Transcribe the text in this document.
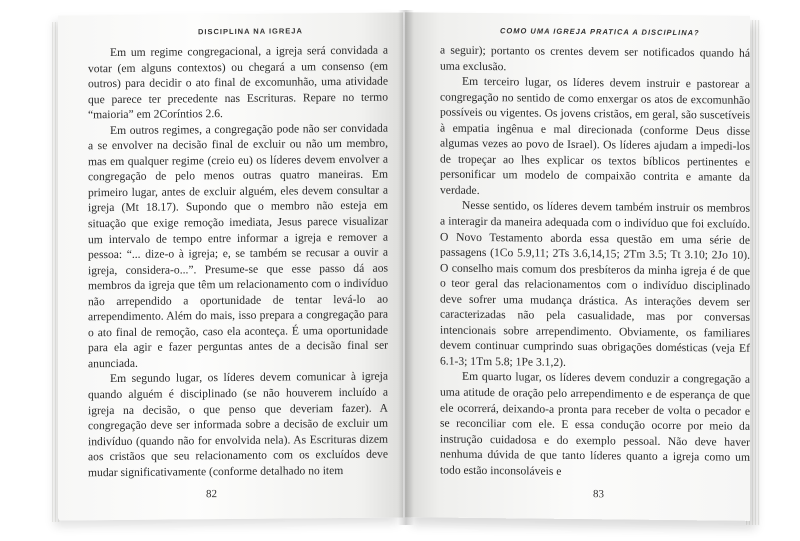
DISCIPLINA NA IGREJA

Em um regime congregacional, a igreja será convidada a votar (em alguns contextos) ou chegará a um consenso (em outros) para decidir o ato final de excomunhão, uma atividade que parece ter precedente nas Escrituras. Repare no termo “maioria” em 2Coríntios 2.6.

Em outros regimes, a congregação pode não ser convidada a se envolver na decisão final de excluir ou não um membro, mas em qualquer regime (creio eu) os líderes devem envolver a congregação de pelo menos outras quatro maneiras. Em primeiro lugar, antes de excluir alguém, eles devem consultar a igreja (Mt 18.17). Supondo que o membro não esteja em situação que exige remoção imediata, Jesus parece visualizar um intervalo de tempo entre informar a igreja e remover a pessoa: “... dize-o à igreja; e, se também se recusar a ouvir a igreja, considera-o...”. Presume-se que esse passo dá aos membros da igreja que têm um relacionamento com o indivíduo não arrependido a oportunidade de tentar levá-lo ao arrependimento. Além do mais, isso prepara a congregação para o ato final de remoção, caso ela aconteça. É uma oportunidade para ela agir e fazer perguntas antes de a decisão final ser anunciada.

Em segundo lugar, os líderes devem comunicar à igreja quando alguém é disciplinado (se não houverem incluído a igreja na decisão, o que penso que deveriam fazer). A congregação deve ser informada sobre a decisão de excluir um indivíduo (quando não for envolvida nela). As Escrituras dizem aos cristãos que seu relacionamento com os excluídos deve mudar significativamente (conforme detalhado no item

82
COMO UMA IGREJA PRATICA A DISCIPLINA?

a seguir); portanto os crentes devem ser notificados quando há uma exclusão.

Em terceiro lugar, os líderes devem instruir e pastorear a congregação no sentido de como enxergar os atos de excomunhão possíveis ou vigentes. Os jovens cristãos, em geral, são suscetíveis à empatia ingênua e mal direcionada (conforme Deus disse algumas vezes ao povo de Israel). Os líderes ajudam a impedi-los de tropeçar ao lhes explicar os textos bíblicos pertinentes e personificar um modelo de compaixão contrita e amante da verdade.

Nesse sentido, os líderes devem também instruir os membros a interagir da maneira adequada com o indivíduo que foi excluído. O Novo Testamento aborda essa questão em uma série de passagens (1Co 5.9,11; 2Ts 3.6,14,15; 2Tm 3.5; Tt 3.10; 2Jo 10). O conselho mais comum dos presbíteros da minha igreja é de que o teor geral das relacionamentos com o indivíduo disciplinado deve sofrer uma mudança drástica. As interações devem ser caracterizadas não pela casualidade, mas por conversas intencionais sobre arrependimento. Obviamente, os familiares devem continuar cumprindo suas obrigações domésticas (veja Ef 6.1-3; 1Tm 5.8; 1Pe 3.1,2).

Em quarto lugar, os líderes devem conduzir a congregação a uma atitude de oração pelo arrependimento e de esperança de que ele ocorrerá, deixando-a pronta para receber de volta o pecador e se reconciliar com ele. E essa condução ocorre por meio da instrução cuidadosa e do exemplo pessoal. Não deve haver nenhuma dúvida de que tanto líderes quanto a igreja como um todo estão inconsoláveis e

83
